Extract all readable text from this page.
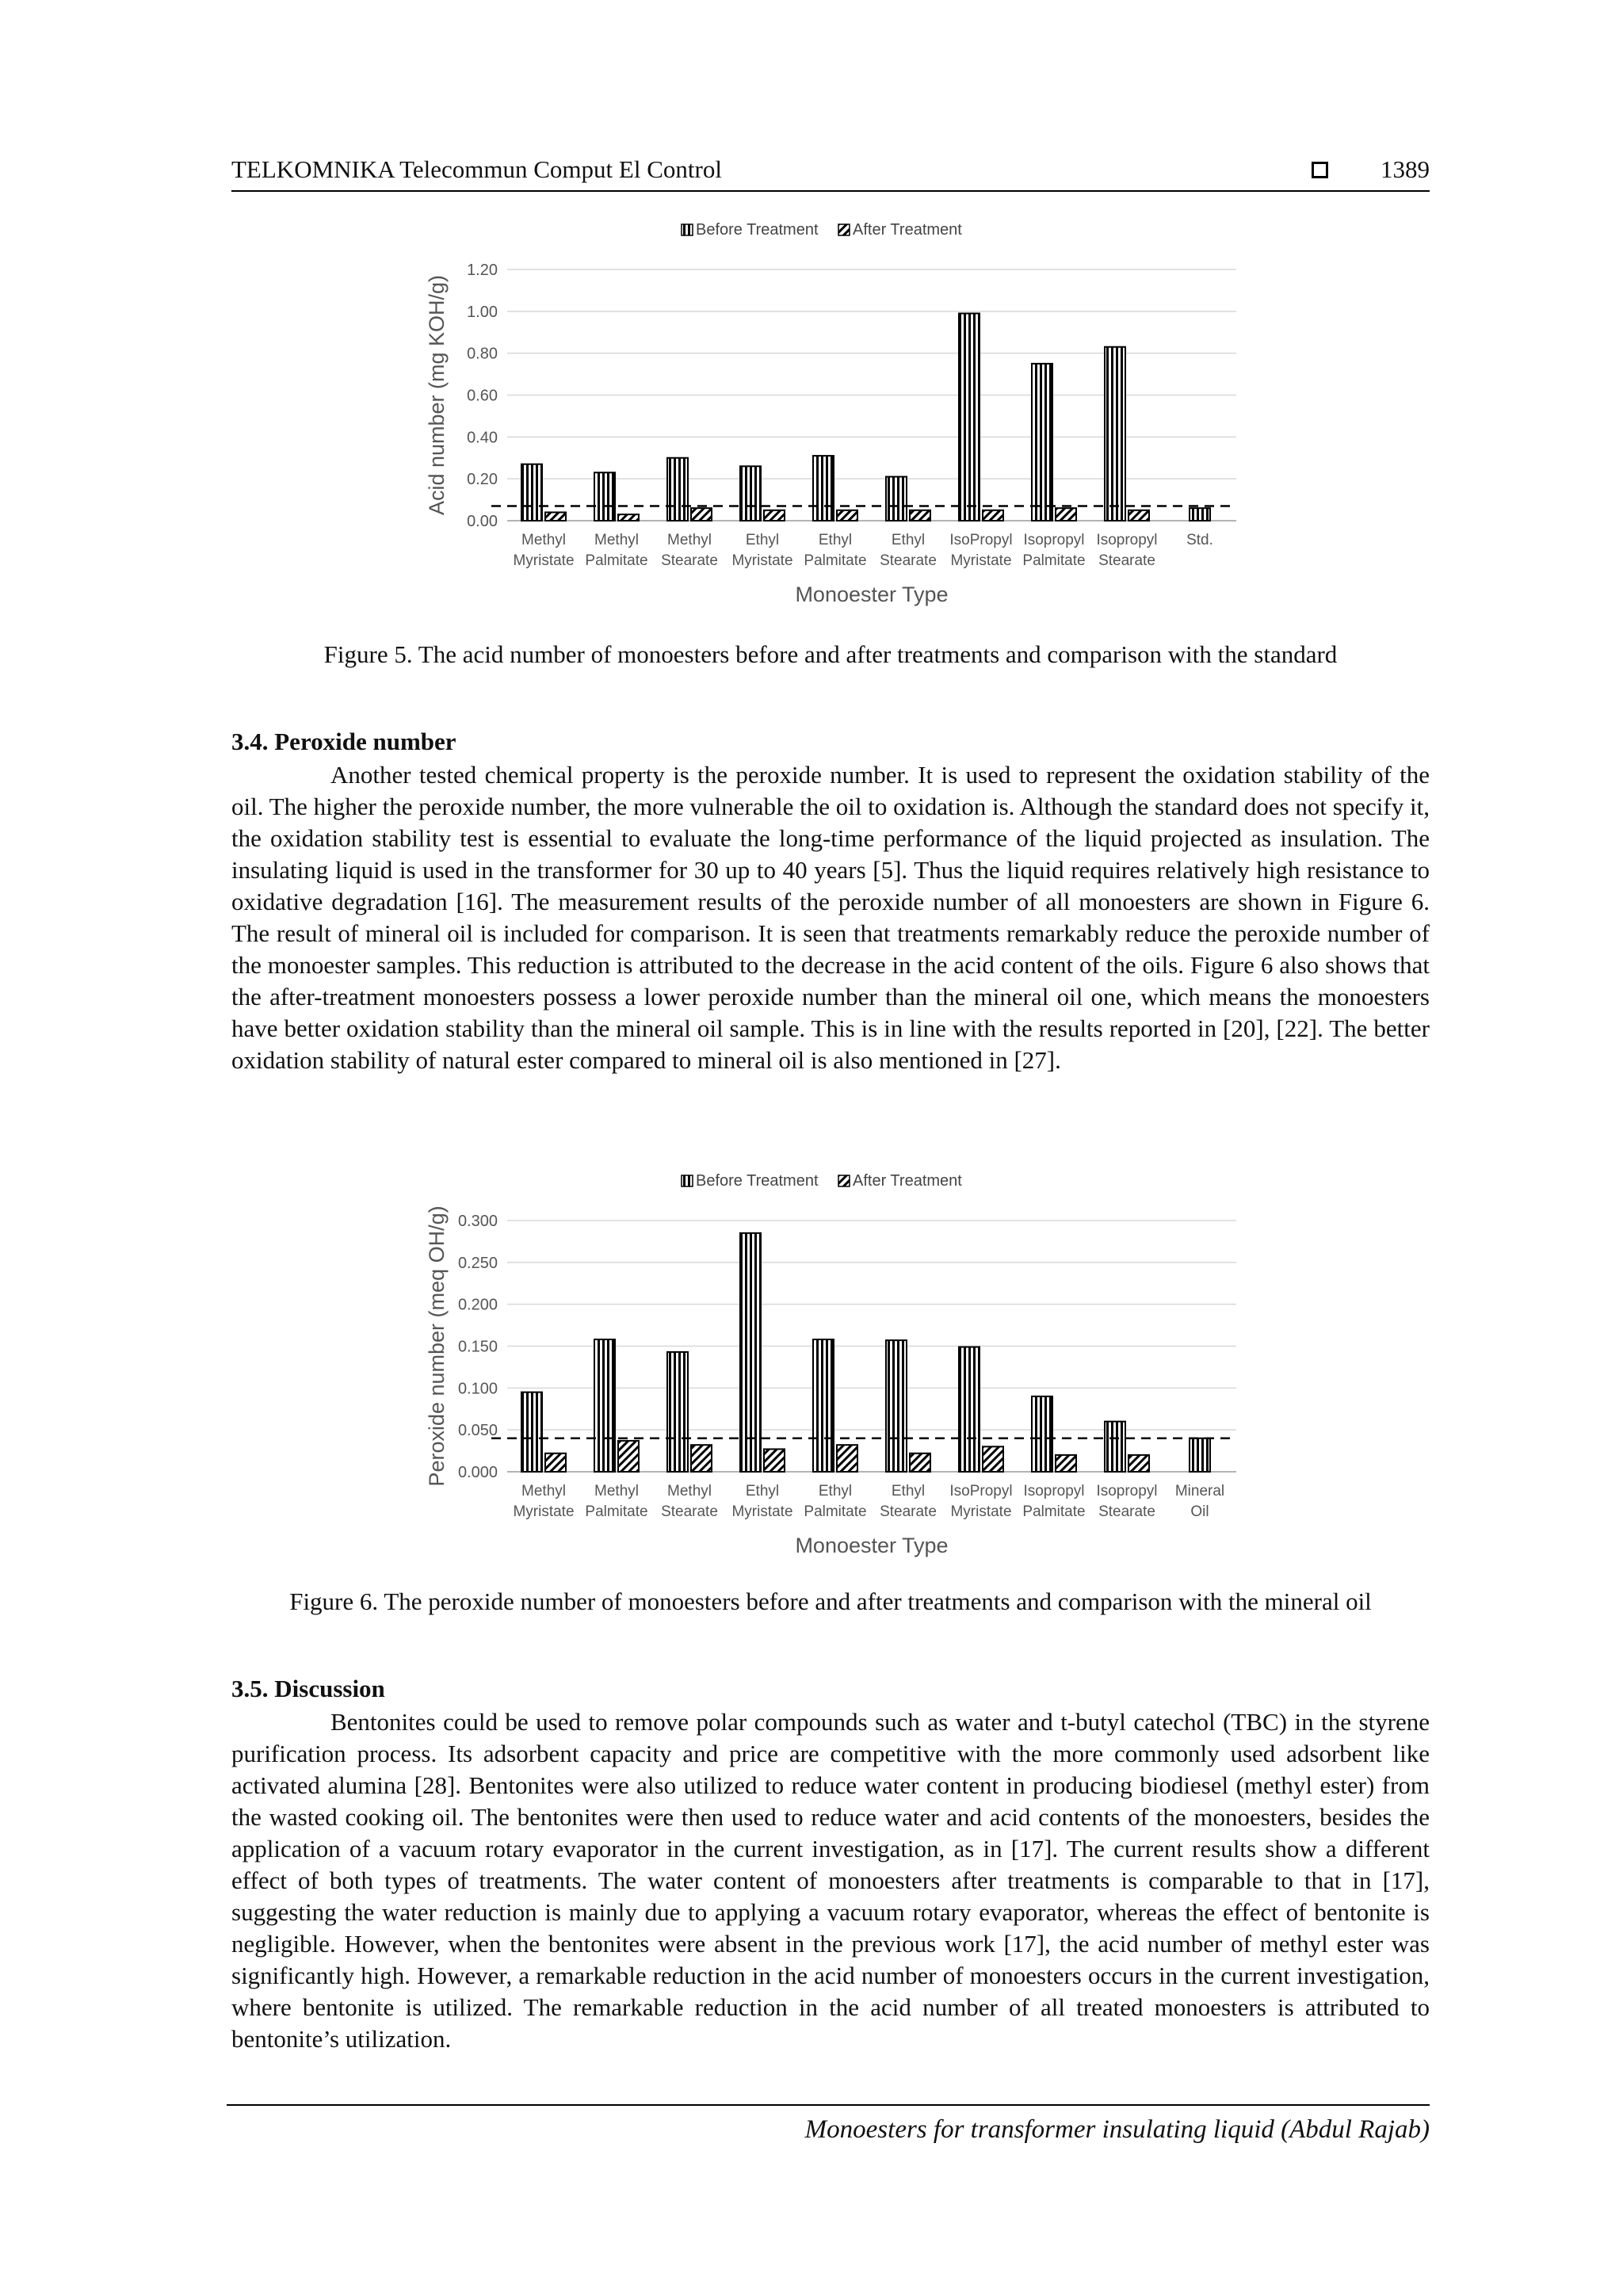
TELKOMNIKA Telecommun Comput El Control	1389
Before Treatment After Treatment
0.00
0.20
0.40
0.60
0.80
1.00
1.20
Acid number (mg KOH/g)
Methyl
Myristate
Methyl
Palmitate
Methyl
Stearate
Ethyl
Myristate
Ethyl
Palmitate
Ethyl
Stearate
IsoPropyl
Myristate
Isopropyl
Palmitate
Isopropyl
Stearate
Std.
Monoester Type
Figure 5. The acid number of monoesters before and after treatments and comparison with the standard
3.4. Peroxide number

Another tested chemical property is the peroxide number. It is used to represent the oxidation stability of the oil. The higher the peroxide number, the more vulnerable the oil to oxidation is. Although the standard does not specify it, the oxidation stability test is essential to evaluate the long-time performance of the liquid projected as insulation. The insulating liquid is used in the transformer for 30 up to 40 years [5]. Thus the liquid requires relatively high resistance to oxidative degradation [16]. The measurement results of the peroxide number of all monoesters are shown in Figure 6. The result of mineral oil is included for comparison. It is seen that treatments remarkably reduce the peroxide number of the monoester samples. This reduction is attributed to the decrease in the acid content of the oils. Figure 6 also shows that the after-treatment monoesters possess a lower peroxide number than the mineral oil one, which means the monoesters have better oxidation stability than the mineral oil sample. This is in line with the results reported in [20], [22]. The better oxidation stability of natural ester compared to mineral oil is also mentioned in [27].

Before Treatment After Treatment
0.000
0.050
0.100
0.150
0.200
0.250
0.300
Peroxide number (meq OH/g)
Methyl
Myristate
Methyl
Palmitate
Methyl
Stearate
Ethyl
Myristate
Ethyl
Palmitate
Ethyl
Stearate
IsoPropyl
Myristate
Isopropyl
Palmitate
Isopropyl
Stearate
Mineral
Oil
Monoester Type
Figure 6. The peroxide number of monoesters before and after treatments and comparison with the mineral oil
3.5. Discussion

Bentonites could be used to remove polar compounds such as water and t-butyl catechol (TBC) in the styrene purification process. Its adsorbent capacity and price are competitive with the more commonly used adsorbent like activated alumina [28]. Bentonites were also utilized to reduce water content in producing biodiesel (methyl ester) from the wasted cooking oil. The bentonites were then used to reduce water and acid contents of the monoesters, besides the application of a vacuum rotary evaporator in the current investigation, as in [17]. The current results show a different effect of both types of treatments. The water content of monoesters after treatments is comparable to that in [17], suggesting the water reduction is mainly due to applying a vacuum rotary evaporator, whereas the effect of bentonite is negligible. However, when the bentonites were absent in the previous work [17], the acid number of methyl ester was significantly high. However, a remarkable reduction in the acid number of monoesters occurs in the current investigation, where bentonite is utilized. The remarkable reduction in the acid number of all treated monoesters is attributed to bentonite’s utilization.

Monoesters for transformer insulating liquid (Abdul Rajab)
